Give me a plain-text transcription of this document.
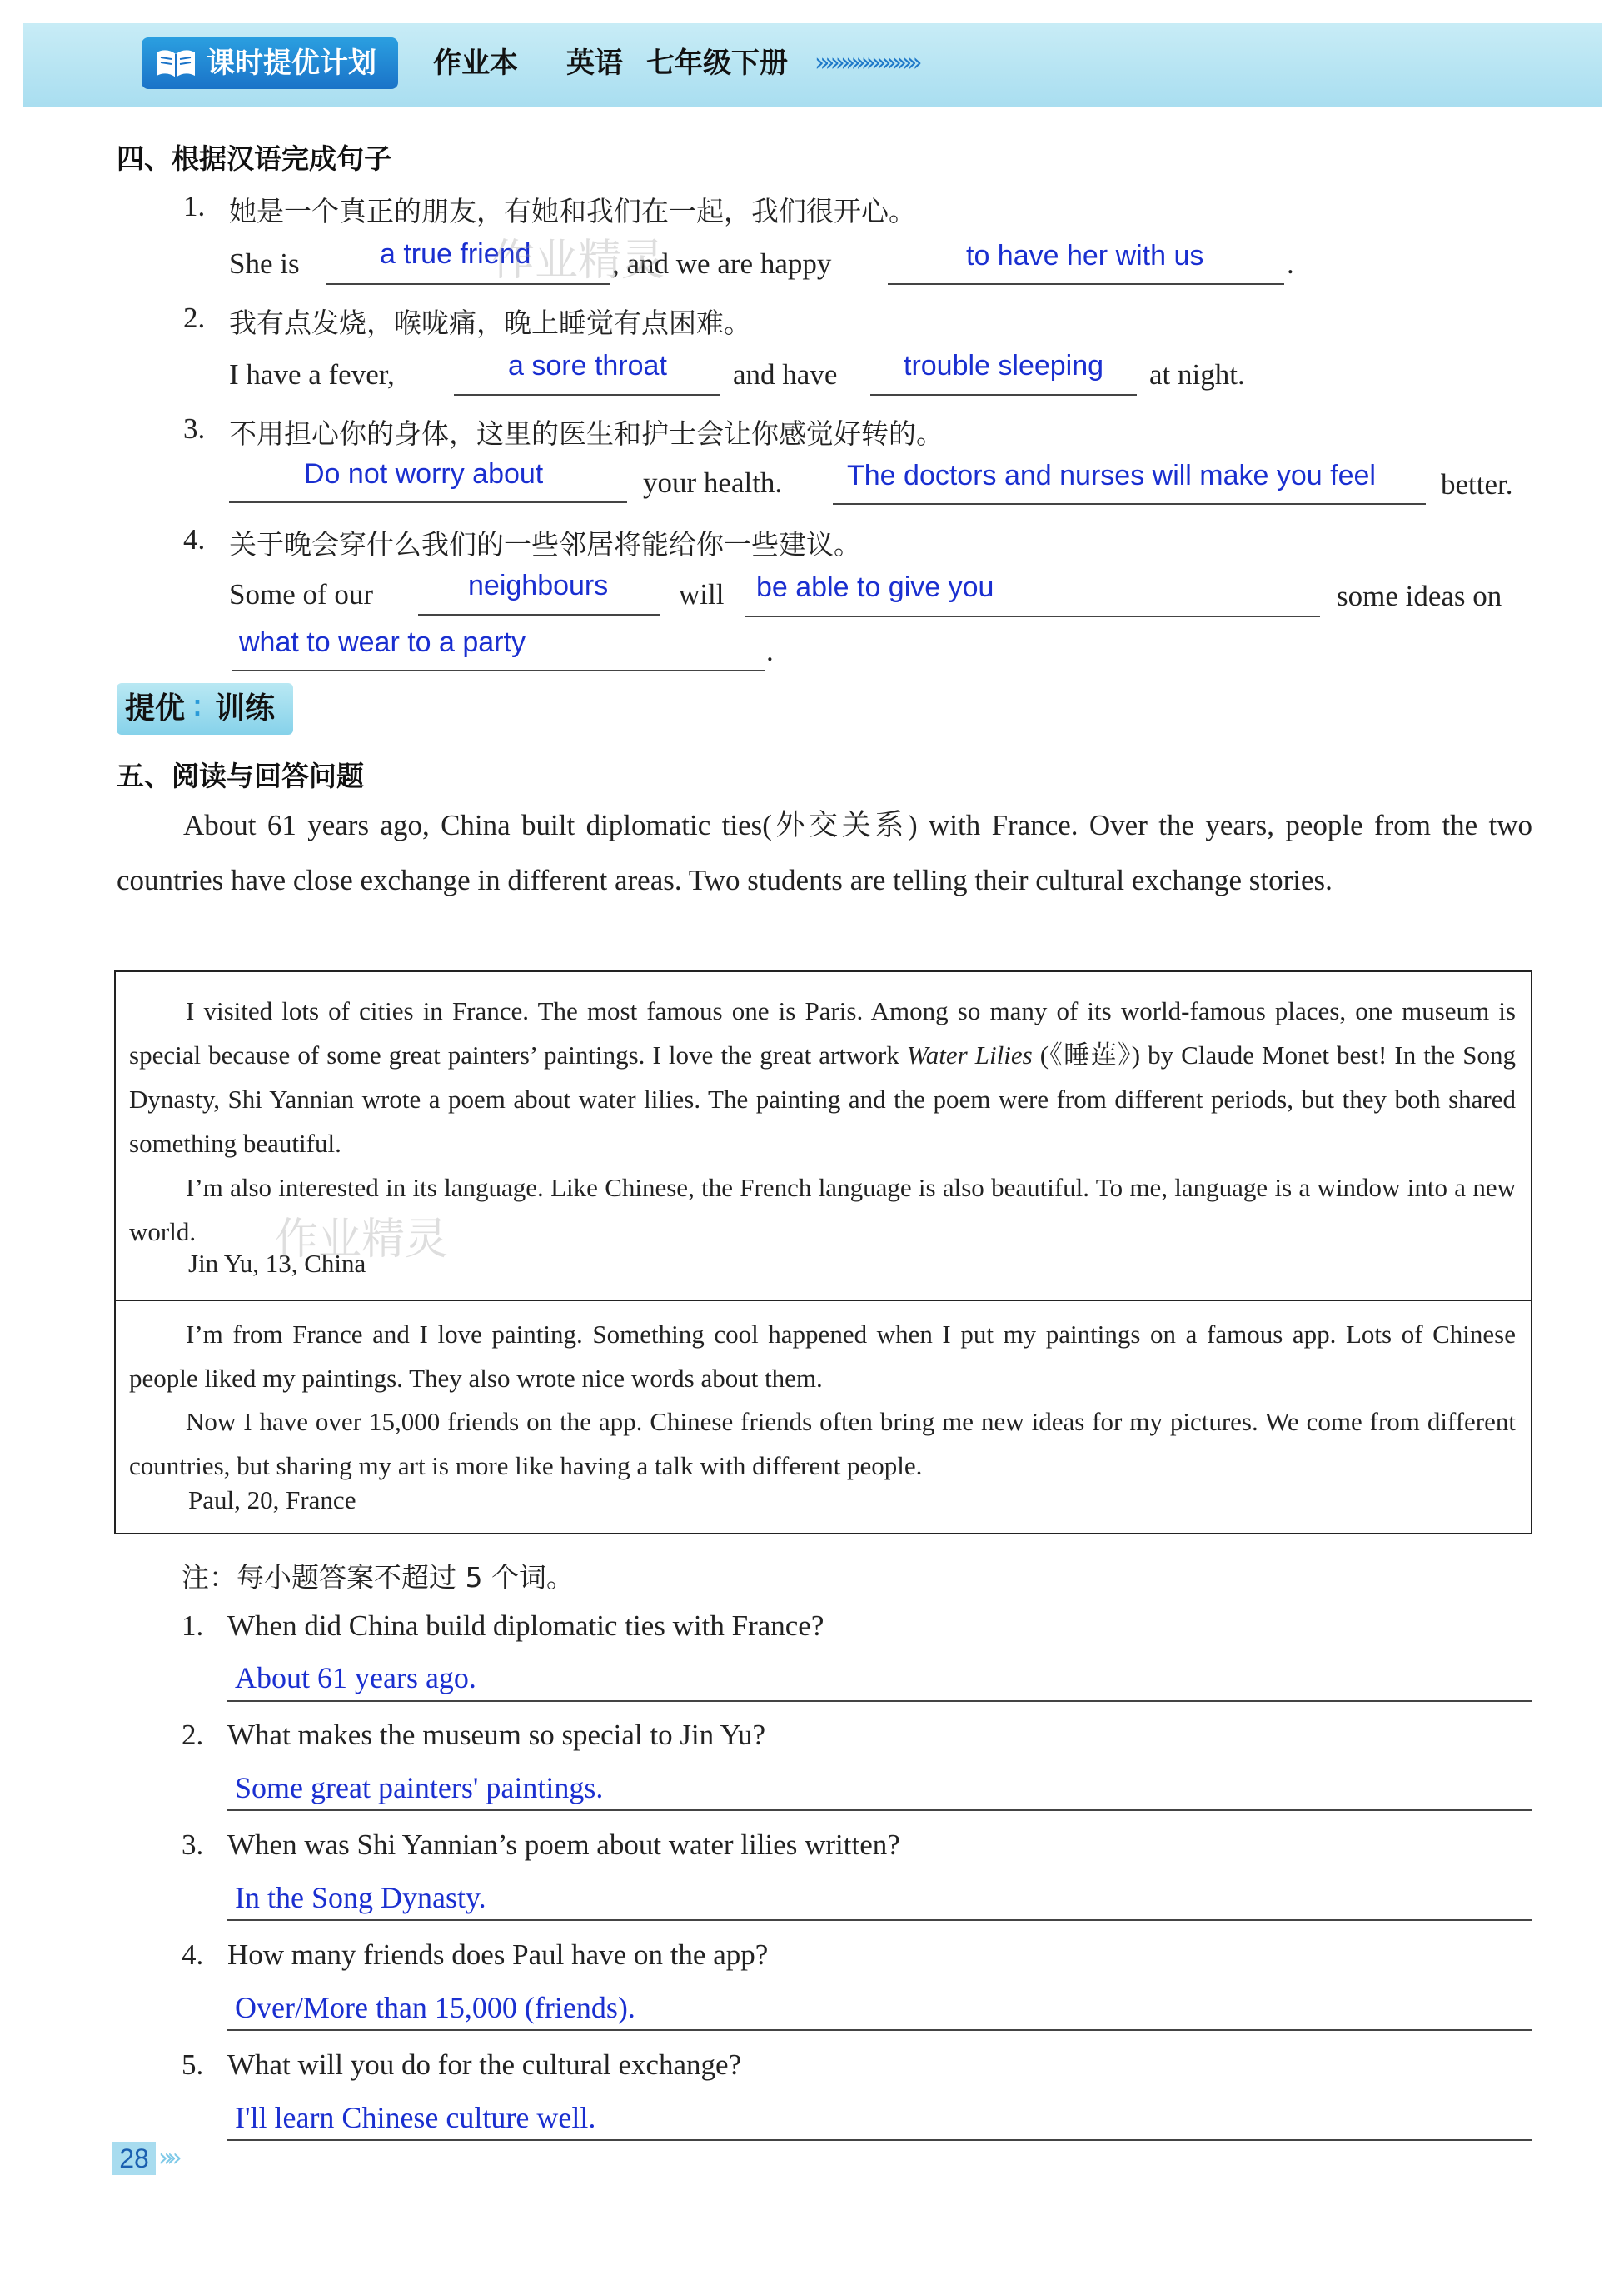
课时提优计划	作业本 英语 七年级下册 »»»»»»»»»»
四、根据汉语完成句子
1. 她是一个真正的朋友，有她和我们在一起，我们很开心。
She is	a true friend	, and we are happy	to have her with us	.
2. 我有点发烧，喉咙痛，晚上睡觉有点困难。
I have a fever,	a sore throat and have trouble sleeping at night.
3. 不用担心你的身体，这里的医生和护士会让你感觉好转的。
Do not worry about	your health. The doctors and nurses will make you feel better.
4. 关于晚会穿什么我们的一些邻居将能给你一些建议。
Some of our	neighbours will be able to give you	some ideas on
what to wear to a party	.
提优 ⁚ 训练
五、阅读与回答问题
About 61 years ago, China built diplomatic ties(外交关系) with France. Over the years, people from the two countries have close exchange in different areas. Two students are telling their cultural exchange stories.
I visited lots of cities in France. The most famous one is Paris. Among so many of its world-famous places, one museum is special because of some great painters’ paintings. I love the great artwork Water Lilies (《睡莲》) by Claude Monet best! In the Song Dynasty, Shi Yannian wrote a poem about water lilies. The painting and the poem were from different periods, but they both shared something beautiful.
I’m also interested in its language. Like Chinese, the French language is also beautiful. To me, language is a window into a new world.
Jin Yu, 13, China
I’m from France and I love painting. Something cool happened when I put my paintings on a famous app. Lots of Chinese people liked my paintings. They also wrote nice words about them.
Now I have over 15,000 friends on the app. Chinese friends often bring me new ideas for my pictures. We come from different countries, but sharing my art is more like having a talk with different people.
Paul, 20, France
注：每小题答案不超过 5 个词。
1. When did China build diplomatic ties with France?
About 61 years ago.
2. What makes the museum so special to Jin Yu?
Some great painters' paintings.
3. When was Shi Yannian’s poem about water lilies written?
In the Song Dynasty.
4. How many friends does Paul have on the app?
Over/More than 15,000 (friends).
5. What will you do for the cultural exchange?
I'll learn Chinese culture well.
28 »»
作业精灵
作业精灵
